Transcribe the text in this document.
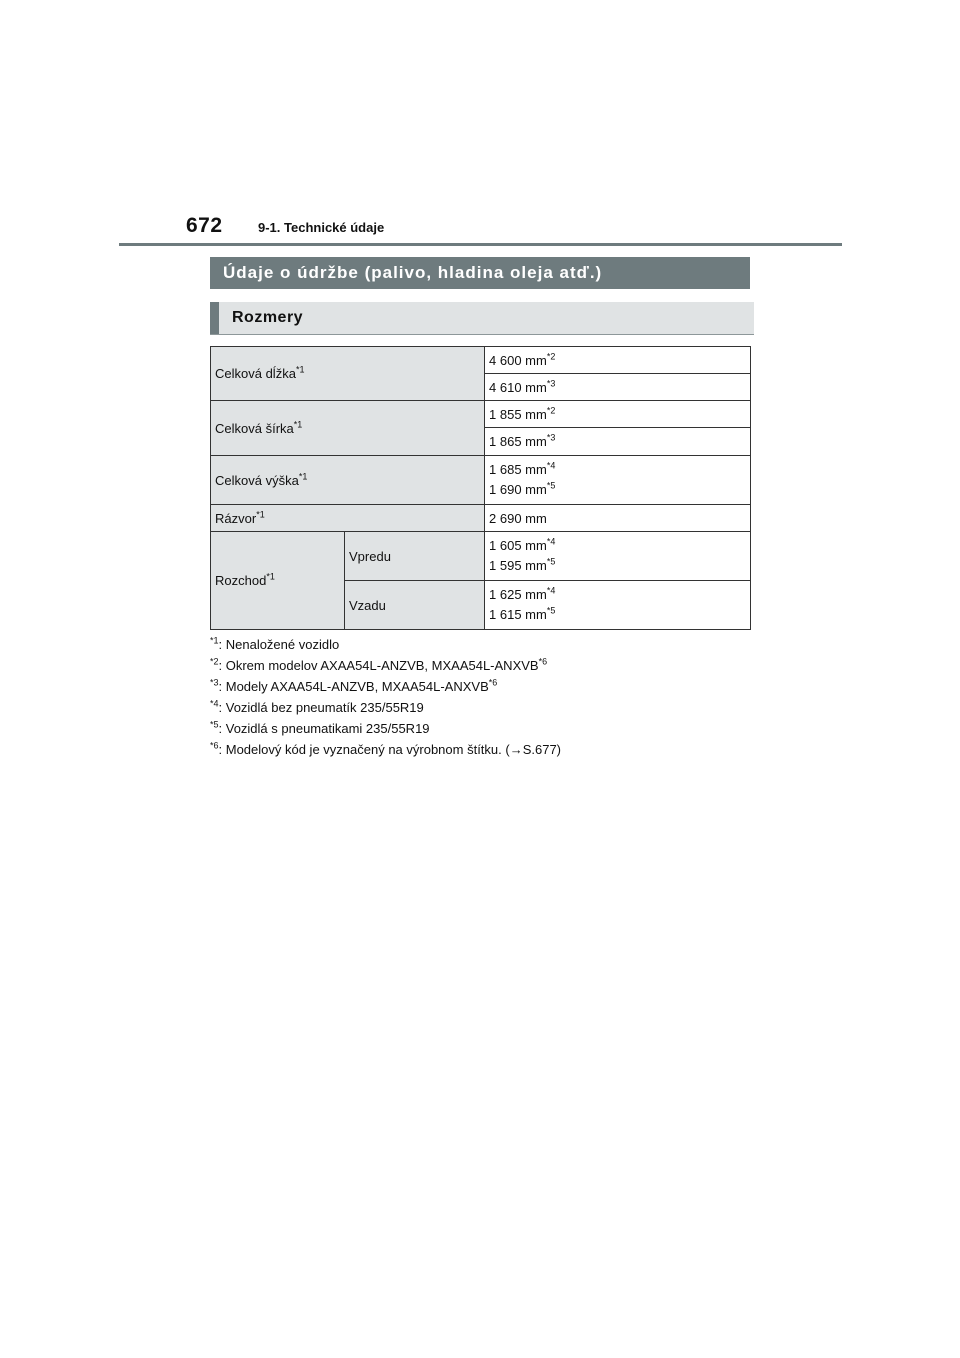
672	9-1. Technické údaje
Údaje o údržbe (palivo, hladina oleja atď.)
Rozmery
Celková dĺžka$^{*1}$		4 600 $mm^{*2}$
		4 610 $mm^{*3}$
Celková šírka$^{*1}$		1 855 $mm^{*2}$
		1 865 $mm^{*3}$
Celková výška$^{*1}$		1 685 $mm^{*4}$
1 690 $mm^{*5}$

Rázvor$^{*1}$		2 690 mm
Rozchod$^{*1}$	Vpredu	1 605 $mm^{*4}$
1 595 $mm^{*5}$

	Vzadu	1 625 $mm^{*4}$
1 615 $mm^{*5}$
$^{*1}$: Nenaložené vozidlo
$^{*2}$: Okrem modelov AXAA54L-ANZVB, MXAA54L-ANXVB$^{*6}$
$^{*3}$: Modely AXAA54L-ANZVB, MXAA54L-ANXVB$^{*6}$
$^{*4}$: Vozidlá bez pneumatík 235/55R19
$^{*5}$: Vozidlá s pneumatikami 235/55R19
$^{*6}$: Modelový kód je vyznačený na výrobnom štítku. (→S.677)
